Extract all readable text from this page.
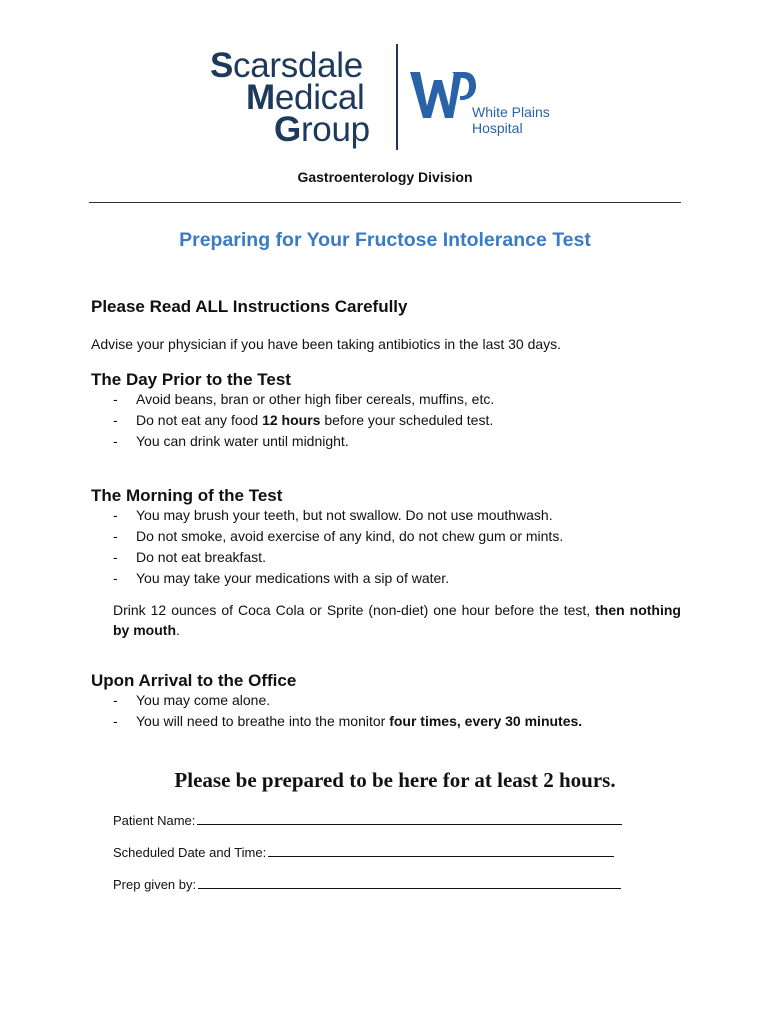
Scarsdale
Medical
Group	White Plains
Hospital
Gastroenterology Division
Preparing for Your Fructose Intolerance Test
Please Read ALL Instructions Carefully
Advise your physician if you have been taking antibiotics in the last 30 days.
The Day Prior to the Test
- Avoid beans, bran or other high fiber cereals, muffins, etc.
- Do not eat any food 12 hours before your scheduled test.
- You can drink water until midnight.
The Morning of the Test
- You may brush your teeth, but not swallow. Do not use mouthwash.
- Do not smoke, avoid exercise of any kind, do not chew gum or mints.
- Do not eat breakfast.
- You may take your medications with a sip of water.
Drink 12 ounces of Coca Cola or Sprite (non-diet) one hour before the test, then nothing by mouth.
Upon Arrival to the Office
- You may come alone.
- You will need to breathe into the monitor four times, every 30 minutes.
Please be prepared to be here for at least 2 hours.
Patient Name:
Scheduled Date and Time:
Prep given by:
